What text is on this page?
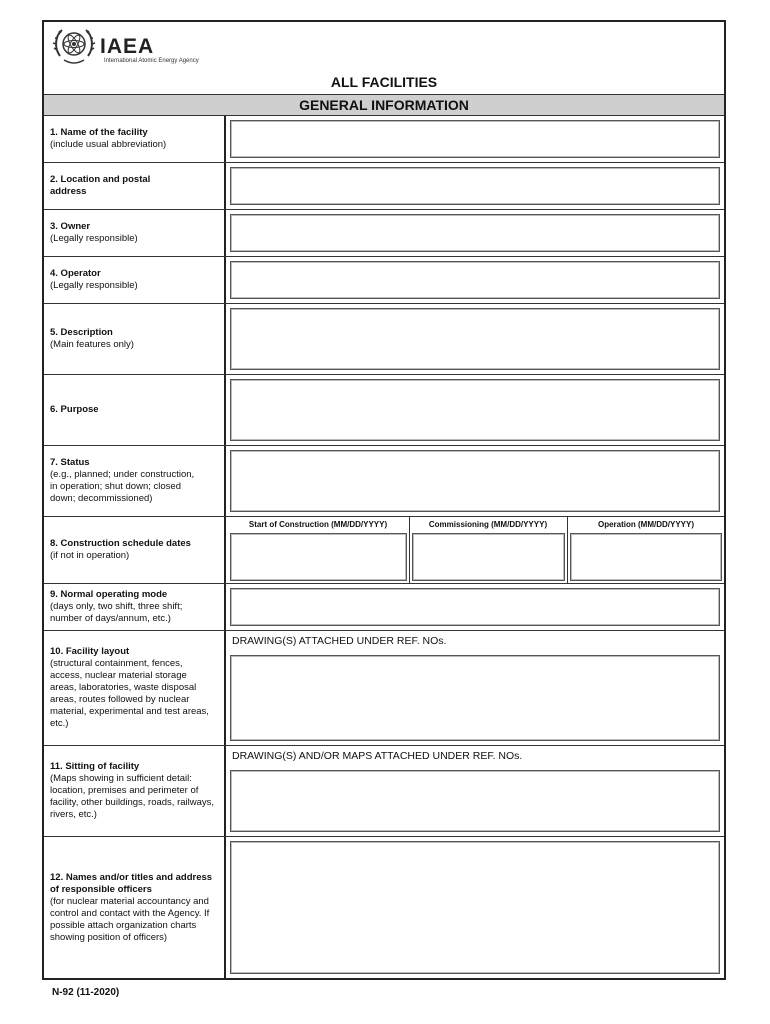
IAEA
International Atomic Energy Agency
ALL FACILITIES
GENERAL INFORMATION
1. Name of the facility
(include usual abbreviation)
2. Location and postal
address
3. Owner
(Legally responsible)
4. Operator
(Legally responsible)
5. Description
(Main features only)
6. Purpose
7. Status
(e.g., planned; under construction,
in operation; shut down; closed
down; decommissioned)
8. Construction schedule dates
(if not in operation)
Start of Construction (MM/DD/YYYY)	Commissioning (MM/DD/YYYY)	Operation (MM/DD/YYYY)
9. Normal operating mode
(days only, two shift, three shift;
number of days/annum, etc.)
10. Facility layout
(structural containment, fences,
access, nuclear material storage
areas, laboratories, waste disposal
areas, routes followed by nuclear
material, experimental and test areas,
etc.)
DRAWING(S) ATTACHED UNDER REF. NOs.
11. Sitting of facility
(Maps showing in sufficient detail:
location, premises and perimeter of
facility, other buildings, roads, railways,
rivers, etc.)
DRAWING(S) AND/OR MAPS ATTACHED UNDER REF. NOs.
12. Names and/or titles and address
of responsible officers
(for nuclear material accountancy and
control and contact with the Agency. If
possible attach organization charts
showing position of officers)
N-92 (11-2020)
